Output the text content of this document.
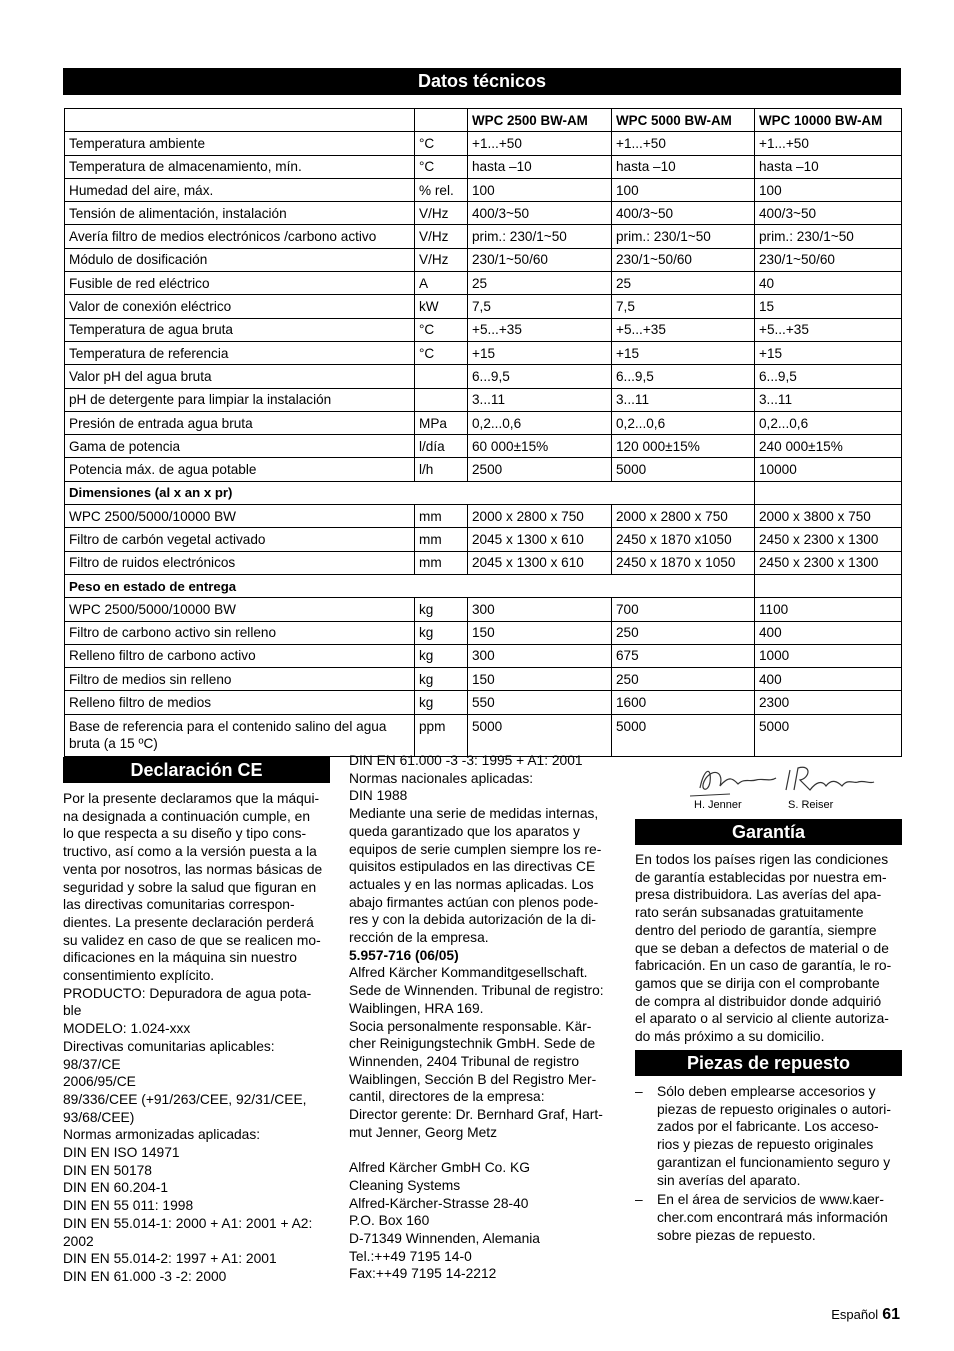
Datos técnicos
		WPC 2500 BW-AM	WPC 5000 BW-AM	WPC 10000 BW-AM
Temperatura ambiente	°C	+1...+50	+1...+50	+1...+50
Temperatura de almacenamiento, mín.	°C	hasta –10	hasta –10	hasta –10
Humedad del aire, máx.	% rel.	100	100	100
Tensión de alimentación, instalación	V/Hz	400/3~50	400/3~50	400/3~50
Avería filtro de medios electrónicos /carbono activo	V/Hz	prim.: 230/1~50	prim.: 230/1~50	prim.: 230/1~50
Módulo de dosificación	V/Hz	230/1~50/60	230/1~50/60	230/1~50/60
Fusible de red eléctrico	A	25	25	40
Valor de conexión eléctrico	kW	7,5	7,5	15
Temperatura de agua bruta	°C	+5...+35	+5...+35	+5...+35
Temperatura de referencia	°C	+15	+15	+15
Valor pH del agua bruta		6...9,5	6...9,5	6...9,5
pH de detergente para limpiar la instalación		3...11	3...11	3...11
Presión de entrada agua bruta	MPa	0,2...0,6	0,2...0,6	0,2...0,6
Gama de potencia	l/día	60 000±15%	120 000±15%	240 000±15%
Potencia máx. de agua potable	l/h	2500	5000	10000
Dimensiones (al x an x pr)				
WPC 2500/5000/10000 BW	mm	2000 x 2800 x 750	2000 x 2800 x 750	2000 x 3800 x 750
Filtro de carbón vegetal activado	mm	2045 x 1300 x 610	2450 x 1870 x1050	2450 x 2300 x 1300
Filtro de ruidos electrónicos	mm	2045 x 1300 x 610	2450 x 1870 x 1050	2450 x 2300 x 1300
Peso en estado de entrega				
WPC 2500/5000/10000 BW	kg	300	700	1100
Filtro de carbono activo sin relleno	kg	150	250	400
Relleno filtro de carbono activo	kg	300	675	1000
Filtro de medios sin relleno	kg	150	250	400
Relleno filtro de medios	kg	550	1600	2300
Base de referencia para el contenido salino del agua bruta (a 15 ºC)	ppm	5000	5000	5000
Declaración CE

Por la presente declaramos que la máqui-

na designada a continuación cumple, en

lo que respecta a su diseño y tipo cons-

tructivo, así como a la versión puesta a la

venta por nosotros, las normas básicas de

seguridad y sobre la salud que figuran en

las directivas comunitarias correspon-

dientes. La presente declaración perderá

su validez en caso de que se realicen mo-

dificaciones en la máquina sin nuestro

consentimiento explícito.

PRODUCTO: Depuradora de agua pota-

ble

MODELO: 1.024-xxx

Directivas comunitarias aplicables:

98/37/CE

2006/95/CE

89/336/CEE (+91/263/CEE, 92/31/CEE,

93/68/CEE)

Normas armonizadas aplicadas:

DIN EN ISO 14971

DIN EN 50178

DIN EN 60.204-1

DIN EN 55 011: 1998

DIN EN 55.014-1: 2000 + A1: 2001 + A2:

2002

DIN EN 55.014-2: 1997 + A1: 2001

DIN EN 61.000 -3 -2: 2000

DIN EN 61.000 -3 -3: 1995 + A1: 2001

Normas nacionales aplicadas:

DIN 1988

Mediante una serie de medidas internas,

queda garantizado que los aparatos y

equipos de serie cumplen siempre los re-

quisitos estipulados en las directivas CE

actuales y en las normas aplicadas. Los

abajo firmantes actúan con plenos pode-

res y con la debida autorización de la di-

rección de la empresa.

5.957-716 (06/05)

Alfred Kärcher Kommanditgesellschaft.

Sede de Winnenden. Tribunal de registro:

Waiblingen, HRA 169.

Socia personalmente responsable. Kär-

cher Reinigungstechnik GmbH. Sede de

Winnenden, 2404 Tribunal de registro

Waiblingen, Sección B del Registro Mer-

cantil, directores de la empresa:

Director gerente: Dr. Bernhard Graf, Hart-

mut Jenner, Georg Metz

Alfred Kärcher GmbH Co. KG

Cleaning Systems

Alfred-Kärcher-Strasse 28-40

P.O. Box 160

D-71349 Winnenden, Alemania

Tel.:++49 7195 14-0

Fax:++49 7195 14-2212

H. Jenner	S. Reiser
Garantía

En todos los países rigen las condiciones

de garantía establecidas por nuestra em-

presa distribuidora. Las averías del apa-

rato serán subsanadas gratuitamente

dentro del periodo de garantía, siempre

que se deban a defectos de material o de

fabricación. En un caso de garantía, le ro-

gamos que se dirija con el comprobante

de compra al distribuidor donde adquirió

el aparato o al servicio al cliente autoriza-

do más próximo a su domicilio.

Piezas de repuesto
–	Sólo deben emplearse accesorios y
piezas de repuesto originales o autori-
zados por el fabricante. Los acceso-
rios y piezas de repuesto originales
garantizan el funcionamiento seguro y
sin averías del aparato.
–	En el área de servicios de www.kaer-
cher.com encontrará más información
sobre piezas de repuesto.
Español 61
